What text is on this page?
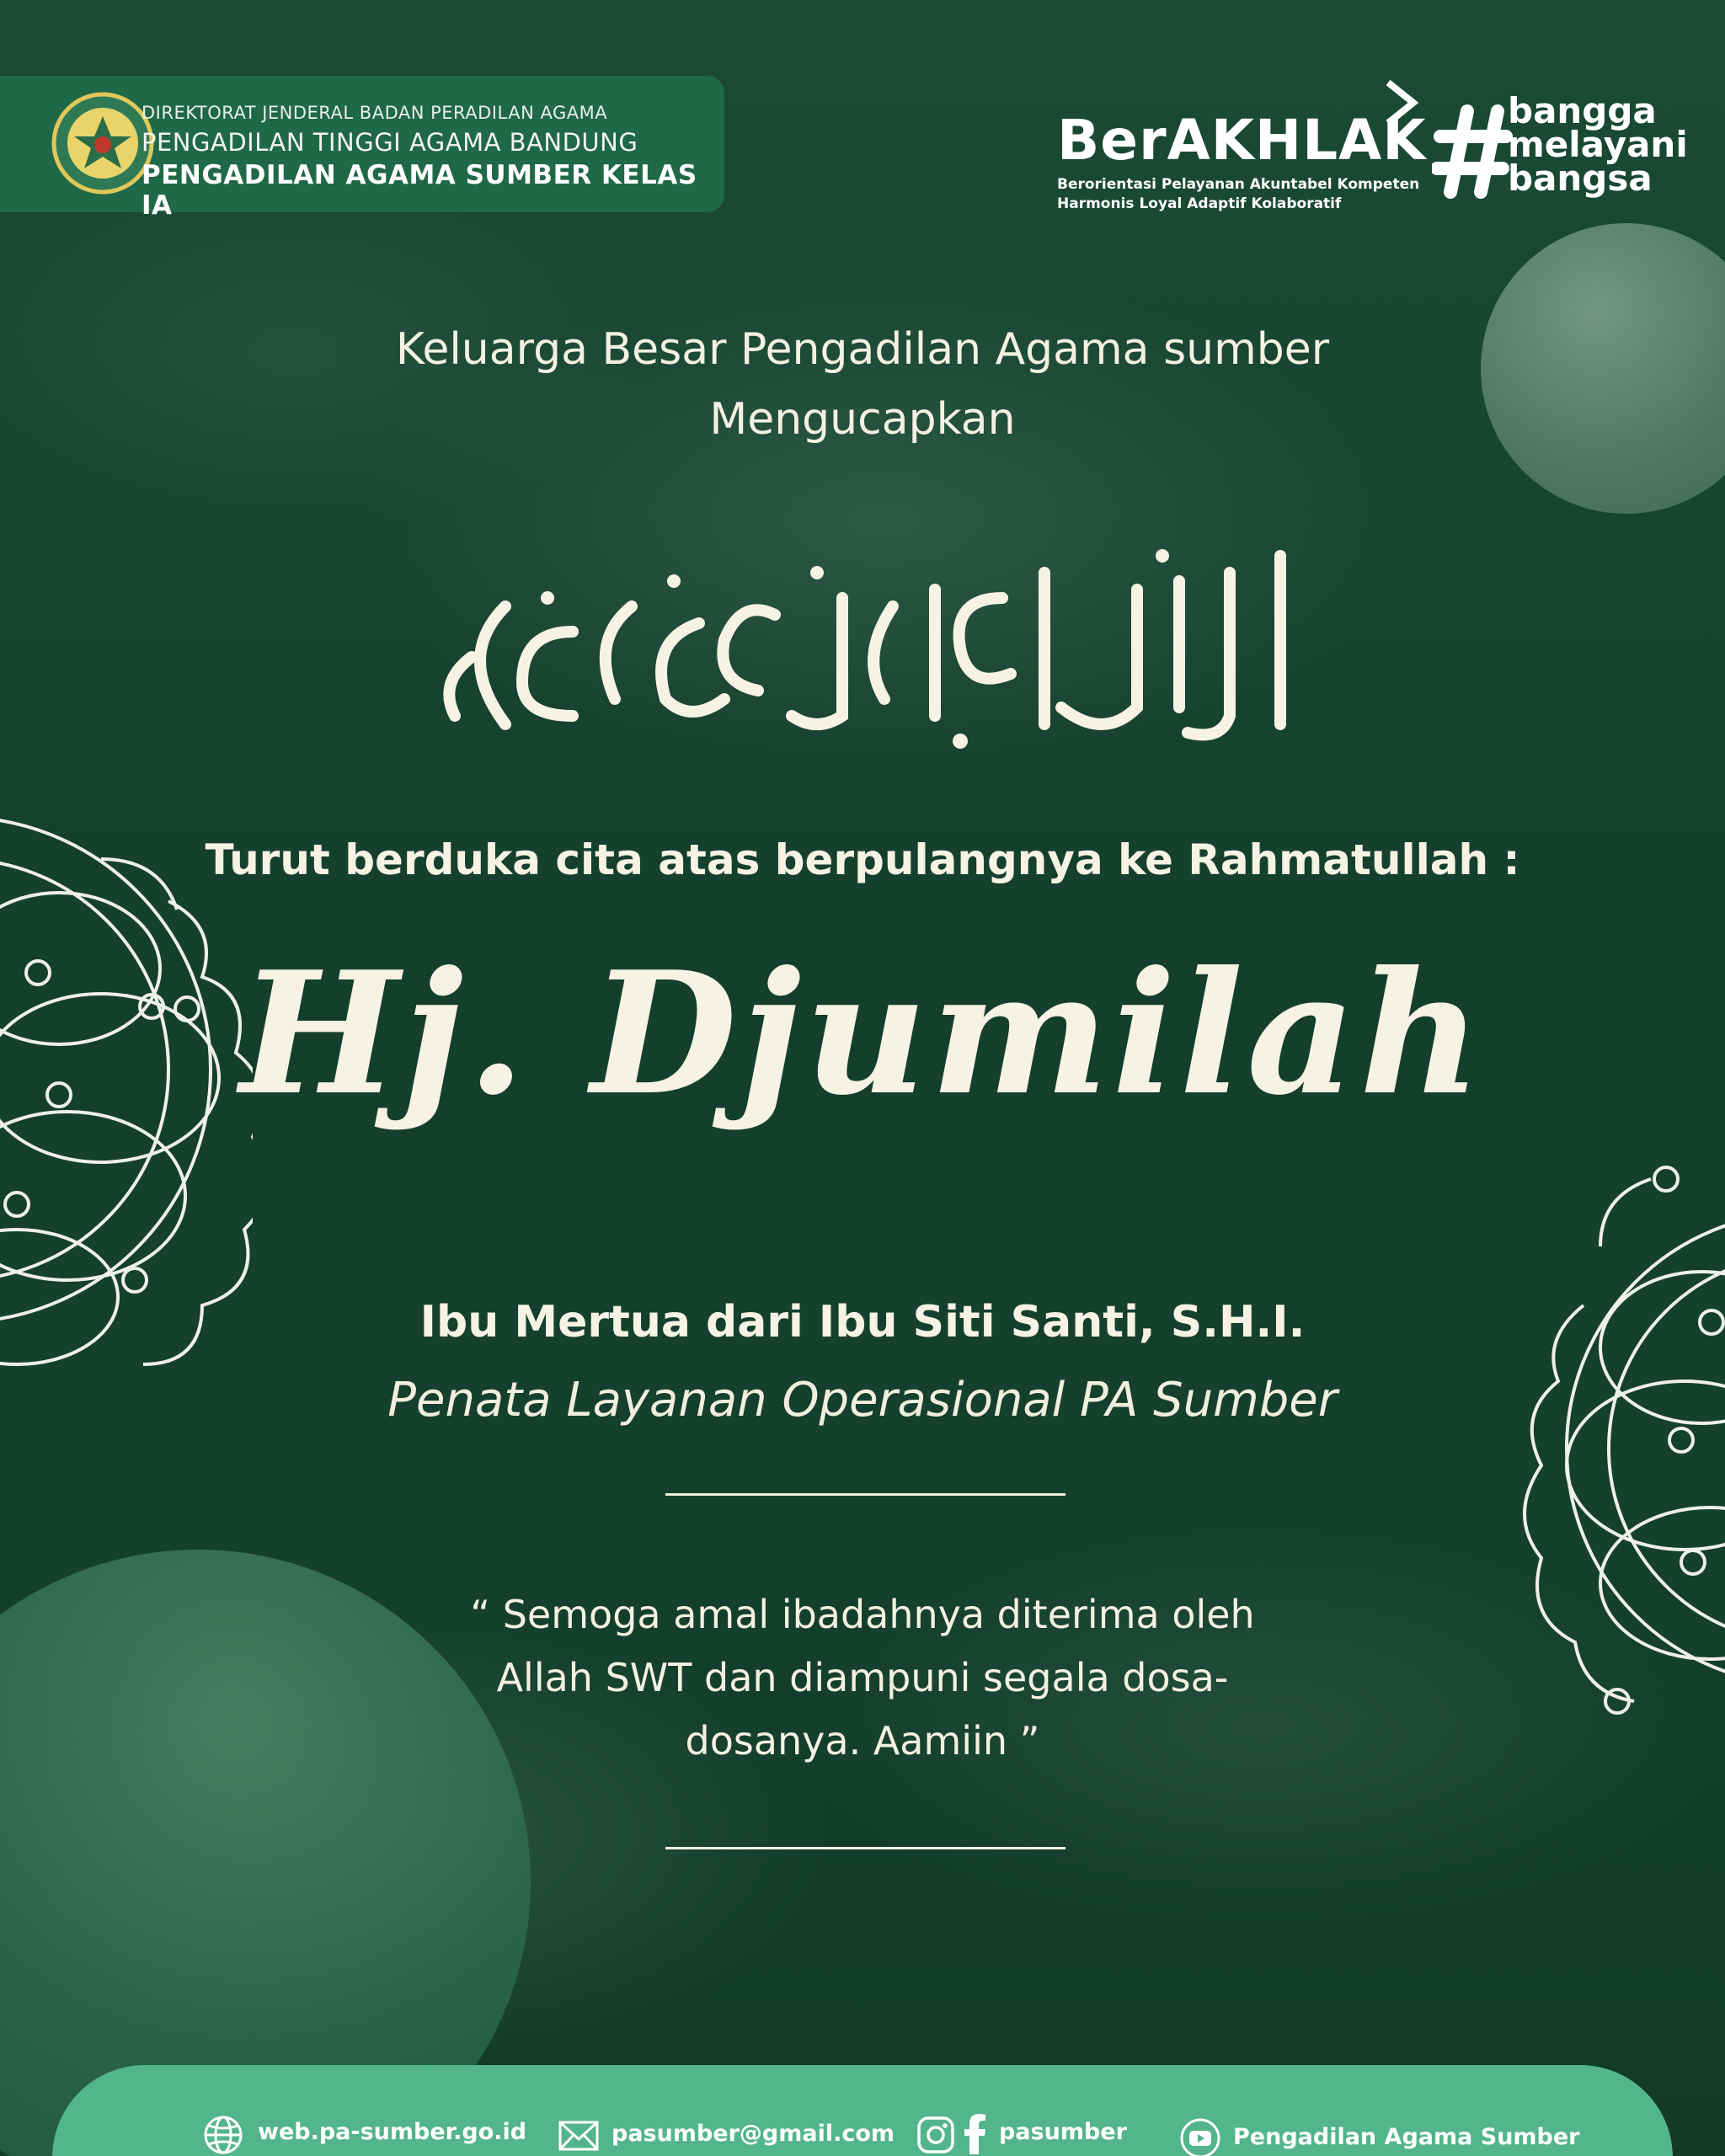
DIREKTORAT JENDERAL BADAN PERADILAN AGAMA
PENGADILAN TINGGI AGAMA BANDUNG
PENGADILAN AGAMA SUMBER KELAS IA
BerAKHLAK
Berorientasi Pelayanan Akuntabel Kompeten
Harmonis Loyal Adaptif Kolaboratif
bangga
melayani
bangsa
Keluarga Besar Pengadilan Agama sumber
Mengucapkan
Turut berduka cita atas berpulangnya ke Rahmatullah :
Hj. Djumilah
Ibu Mertua dari Ibu Siti Santi, S.H.I.
Penata Layanan Operasional PA Sumber
“ Semoga amal ibadahnya diterima oleh
Allah SWT dan diampuni segala dosa-
dosanya. Aamiin ”
web.pa-sumber.go.id	pasumber@gmail.com	pasumber	Pengadilan Agama Sumber
